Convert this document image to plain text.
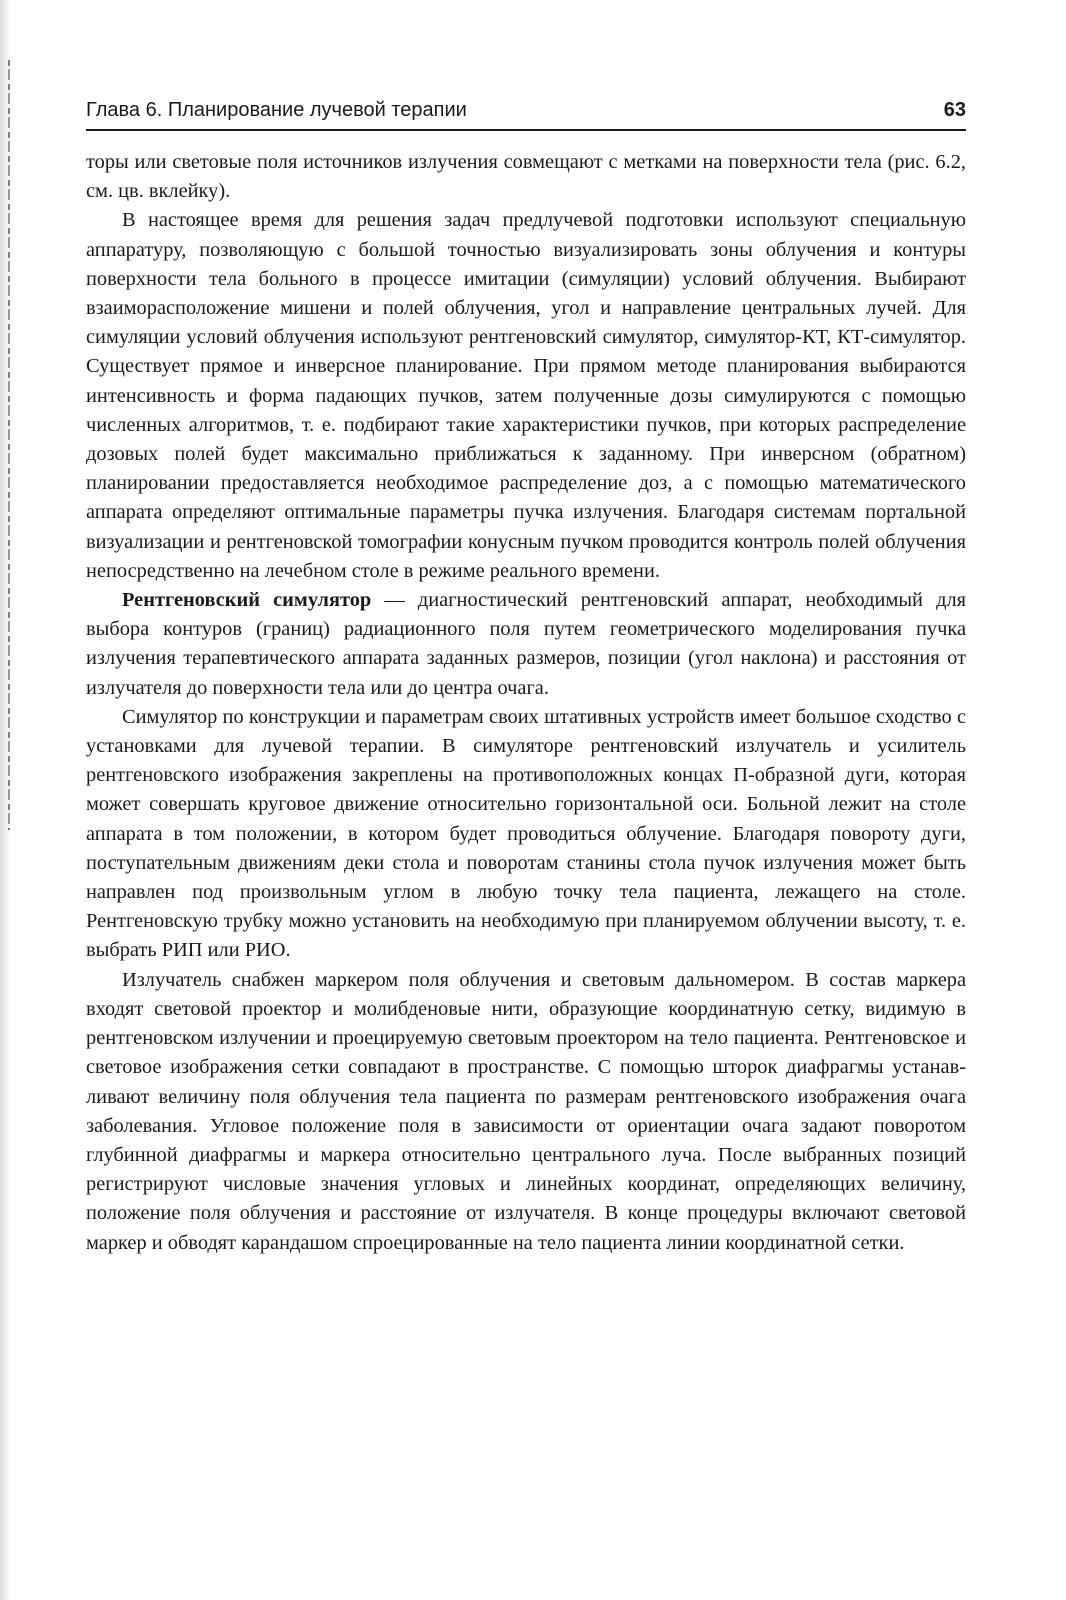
Глава 6. Планирование лучевой терапии	63

торы или световые поля источников излучения совмещают с метками на поверхности тела (рис. 6.2, см. цв. вклейку).

В настоящее время для решения задач предлучевой подготовки используют специальную аппаратуру, позволяющую с большой точностью визуализировать зоны облучения и контуры поверхности тела больного в процессе имитации (симуляции) условий облучения. Выбирают взаиморасположение мишени и полей облучения, угол и направление центральных лучей. Для симуляции условий облучения используют рентгеновский симулятор, симулятор-КТ, КТ-симулятор. Существует прямое и инверсное планирование. При прямом методе планирования выбираются интенсивность и форма падающих пучков, затем полученные дозы симулируются с помощью численных алгоритмов, т. е. подбирают такие характеристики пучков, при которых распределение дозовых полей будет максимально приближаться к заданному. При инверсном (обратном) планировании предоставляется необходимое распределение доз, а с помощью математического аппарата определяют оптимальные параметры пучка излучения. Благодаря системам портальной визуализации и рентгеновской томографии конусным пучком проводится контроль полей облучения непосредственно на лечебном столе в режиме реального времени.

Рентгеновский симулятор — диагностический рентгеновский аппарат, необходимый для выбора контуров (границ) радиационного поля путем геометрического моделирования пучка излучения терапевтического аппарата заданных размеров, позиции (угол наклона) и расстояния от излучателя до поверхности тела или до центра очага.

Симулятор по конструкции и параметрам своих штативных устройств имеет большое сходство с установками для лучевой терапии. В симуляторе рентгеновский излучатель и усилитель рентгеновского изображения закреплены на противоположных концах П-образной дуги, которая может совершать круговое движение относительно горизонтальной оси. Больной лежит на столе аппарата в том положении, в котором будет проводиться облучение. Благодаря повороту дуги, поступательным движениям деки стола и поворотам станины стола пучок излучения может быть направлен под произвольным углом в любую точку тела пациента, лежащего на столе. Рентгеновскую трубку можно установить на необходимую при планируемом облучении высоту, т. е. выбрать РИП или РИО.

Излучатель снабжен маркером поля облучения и световым дальномером. В состав маркера входят световой проектор и молибденовые нити, образующие координатную сетку, видимую в рентгеновском излучении и проецируемую световым проектором на тело пациента. Рентгеновское и световое изображения сетки совпадают в пространстве. С помощью шторок диафрагмы устанавливают величину поля облучения тела пациента по размерам рентгеновского изображения очага заболевания. Угловое положение поля в зависимости от ориентации очага задают поворотом глубинной диафрагмы и маркера относительно центрального луча. После выбранных позиций регистрируют числовые значения угловых и линейных координат, определяющих величину, положение поля облучения и расстояние от излучателя. В конце процедуры включают световой маркер и обводят карандашом спроецированные на тело пациента линии координатной сетки.
